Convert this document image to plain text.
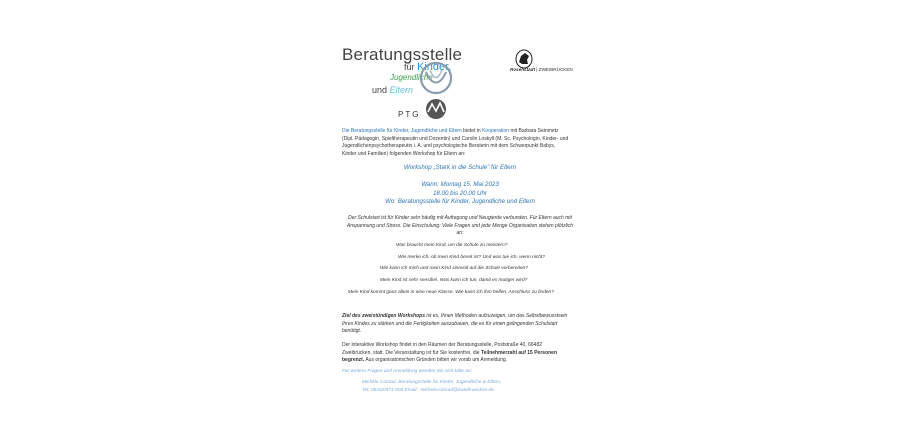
Beratungsstelle
für Kinder,
Jugendliche
und Eltern
PTG
Rosenstadt | ZWEIBRÜCKEN
Die Beratungsstelle für Kinder, Jugendliche und Eltern bietet in Kooperation mit Barbara Seinmetz
(Dipl. Pädagogin, Spieltherapeutin und Dozentin) und Carolin Loskyll (M. Sc. Psychologin, Kinder- und
Jugendlichenpsychotherapeutin i. A. und psychologische Beraterin mit dem Schwerpunkt Babys,
Kinder und Familien) folgenden Workshop für Eltern an:
Workshop „Stark in die Schule" für Eltern
Wann: Montag 15. Mai 2023
18.00 bis 20.00 Uhr
Wo: Beratungsstelle für Kinder, Jugendliche und Eltern
Der Schulstart ist für Kinder sehr häufig mit Aufregung und Neugierde verbunden. Für Eltern auch mit
Anspannung und Stress. Die Einschulung: Viele Fragen und jede Menge Organisation stehen plötzlich
an:
Was braucht mein Kind, um die Schule zu meistern?
Wie merke ich, ob mein Kind bereit ist? Und was tue ich, wenn nicht?
Wie kann ich mich und mein Kind sinnvoll auf die Schule vorbereiten?
Mein Kind ist sehr sensibel. Was kann ich tun, damit es mutiger wird?
Mein Kind kommt ganz allein in eine neue Klasse. Wie kann ich ihm helfen, Anschluss zu finden?
Ziel des zweistündigen Workshops ist es, Ihnen Methoden aufzuzeigen, um das Selbstbewusstsein
Ihres Kindes zu stärken und die Fertigkeiten auszubauen, die es für einen gelingenden Schulstart
benötigt.
Der interaktive Workshop findet in den Räumen der Beratungsstelle, Poststraße 40, 66482
Zweibrücken, statt. Die Veranstaltung ist für Sie kostenfrei, die Teilnehmerzahl auf 15 Personen
begrenzt. Aus organisatorischen Gründen bitten wir vorab um Anmeldung.
Für weitere Fragen und Anmeldung wenden Sie sich bitte an:
Michèle Conrad, Beratungsstelle für Kinder, Jugendliche & Eltern,
Tel: 06332/871-504 Email : michele.conrad@zweibruecken.de
